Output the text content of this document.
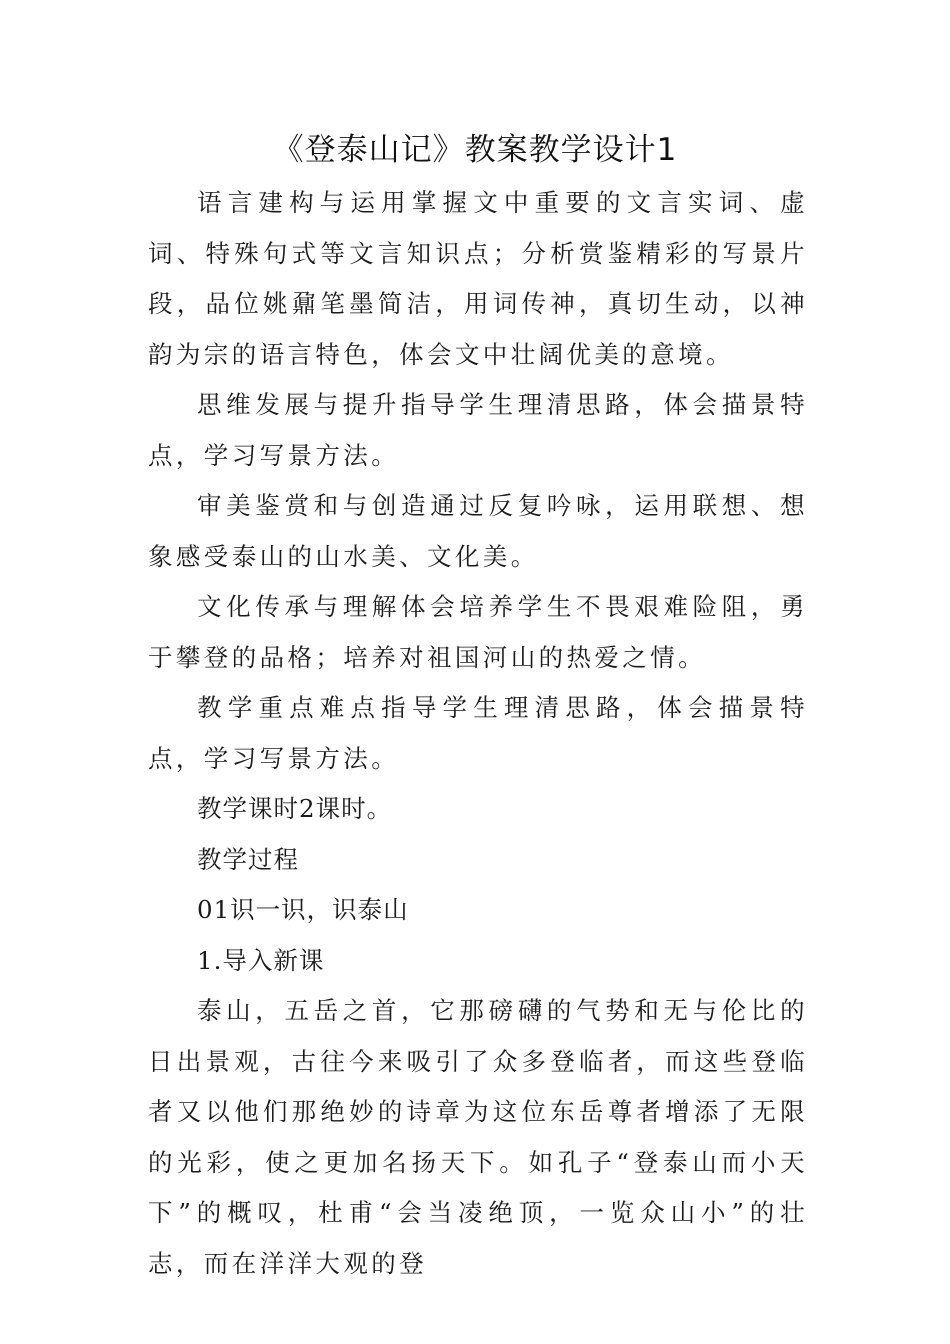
《登泰山记》教案教学设计1

语言建构与运用掌握文中重要的文言实词、虚词、特殊句式等文言知识点；分析赏鉴精彩的写景片段，品位姚鼐笔墨简洁，用词传神，真切生动，以神韵为宗的语言特色，体会文中壮阔优美的意境。

思维发展与提升指导学生理清思路，体会描景特点，学习写景方法。

审美鉴赏和与创造通过反复吟咏，运用联想、想象感受泰山的山水美、文化美。

文化传承与理解体会培养学生不畏艰难险阻，勇于攀登的品格；培养对祖国河山的热爱之情。

教学重点难点指导学生理清思路，体会描景特点，学习写景方法。

教学课时2课时。

教学过程

01识一识，识泰山

1.导入新课

泰山，五岳之首，它那磅礴的气势和无与伦比的日出景观，古往今来吸引了众多登临者，而这些登临者又以他们那绝妙的诗章为这位东岳尊者增添了无限的光彩，使之更加名扬天下。如孔子“登泰山而小天下”的概叹，杜甫“会当凌绝顶，一览众山小”的壮志，而在洋洋大观的登
